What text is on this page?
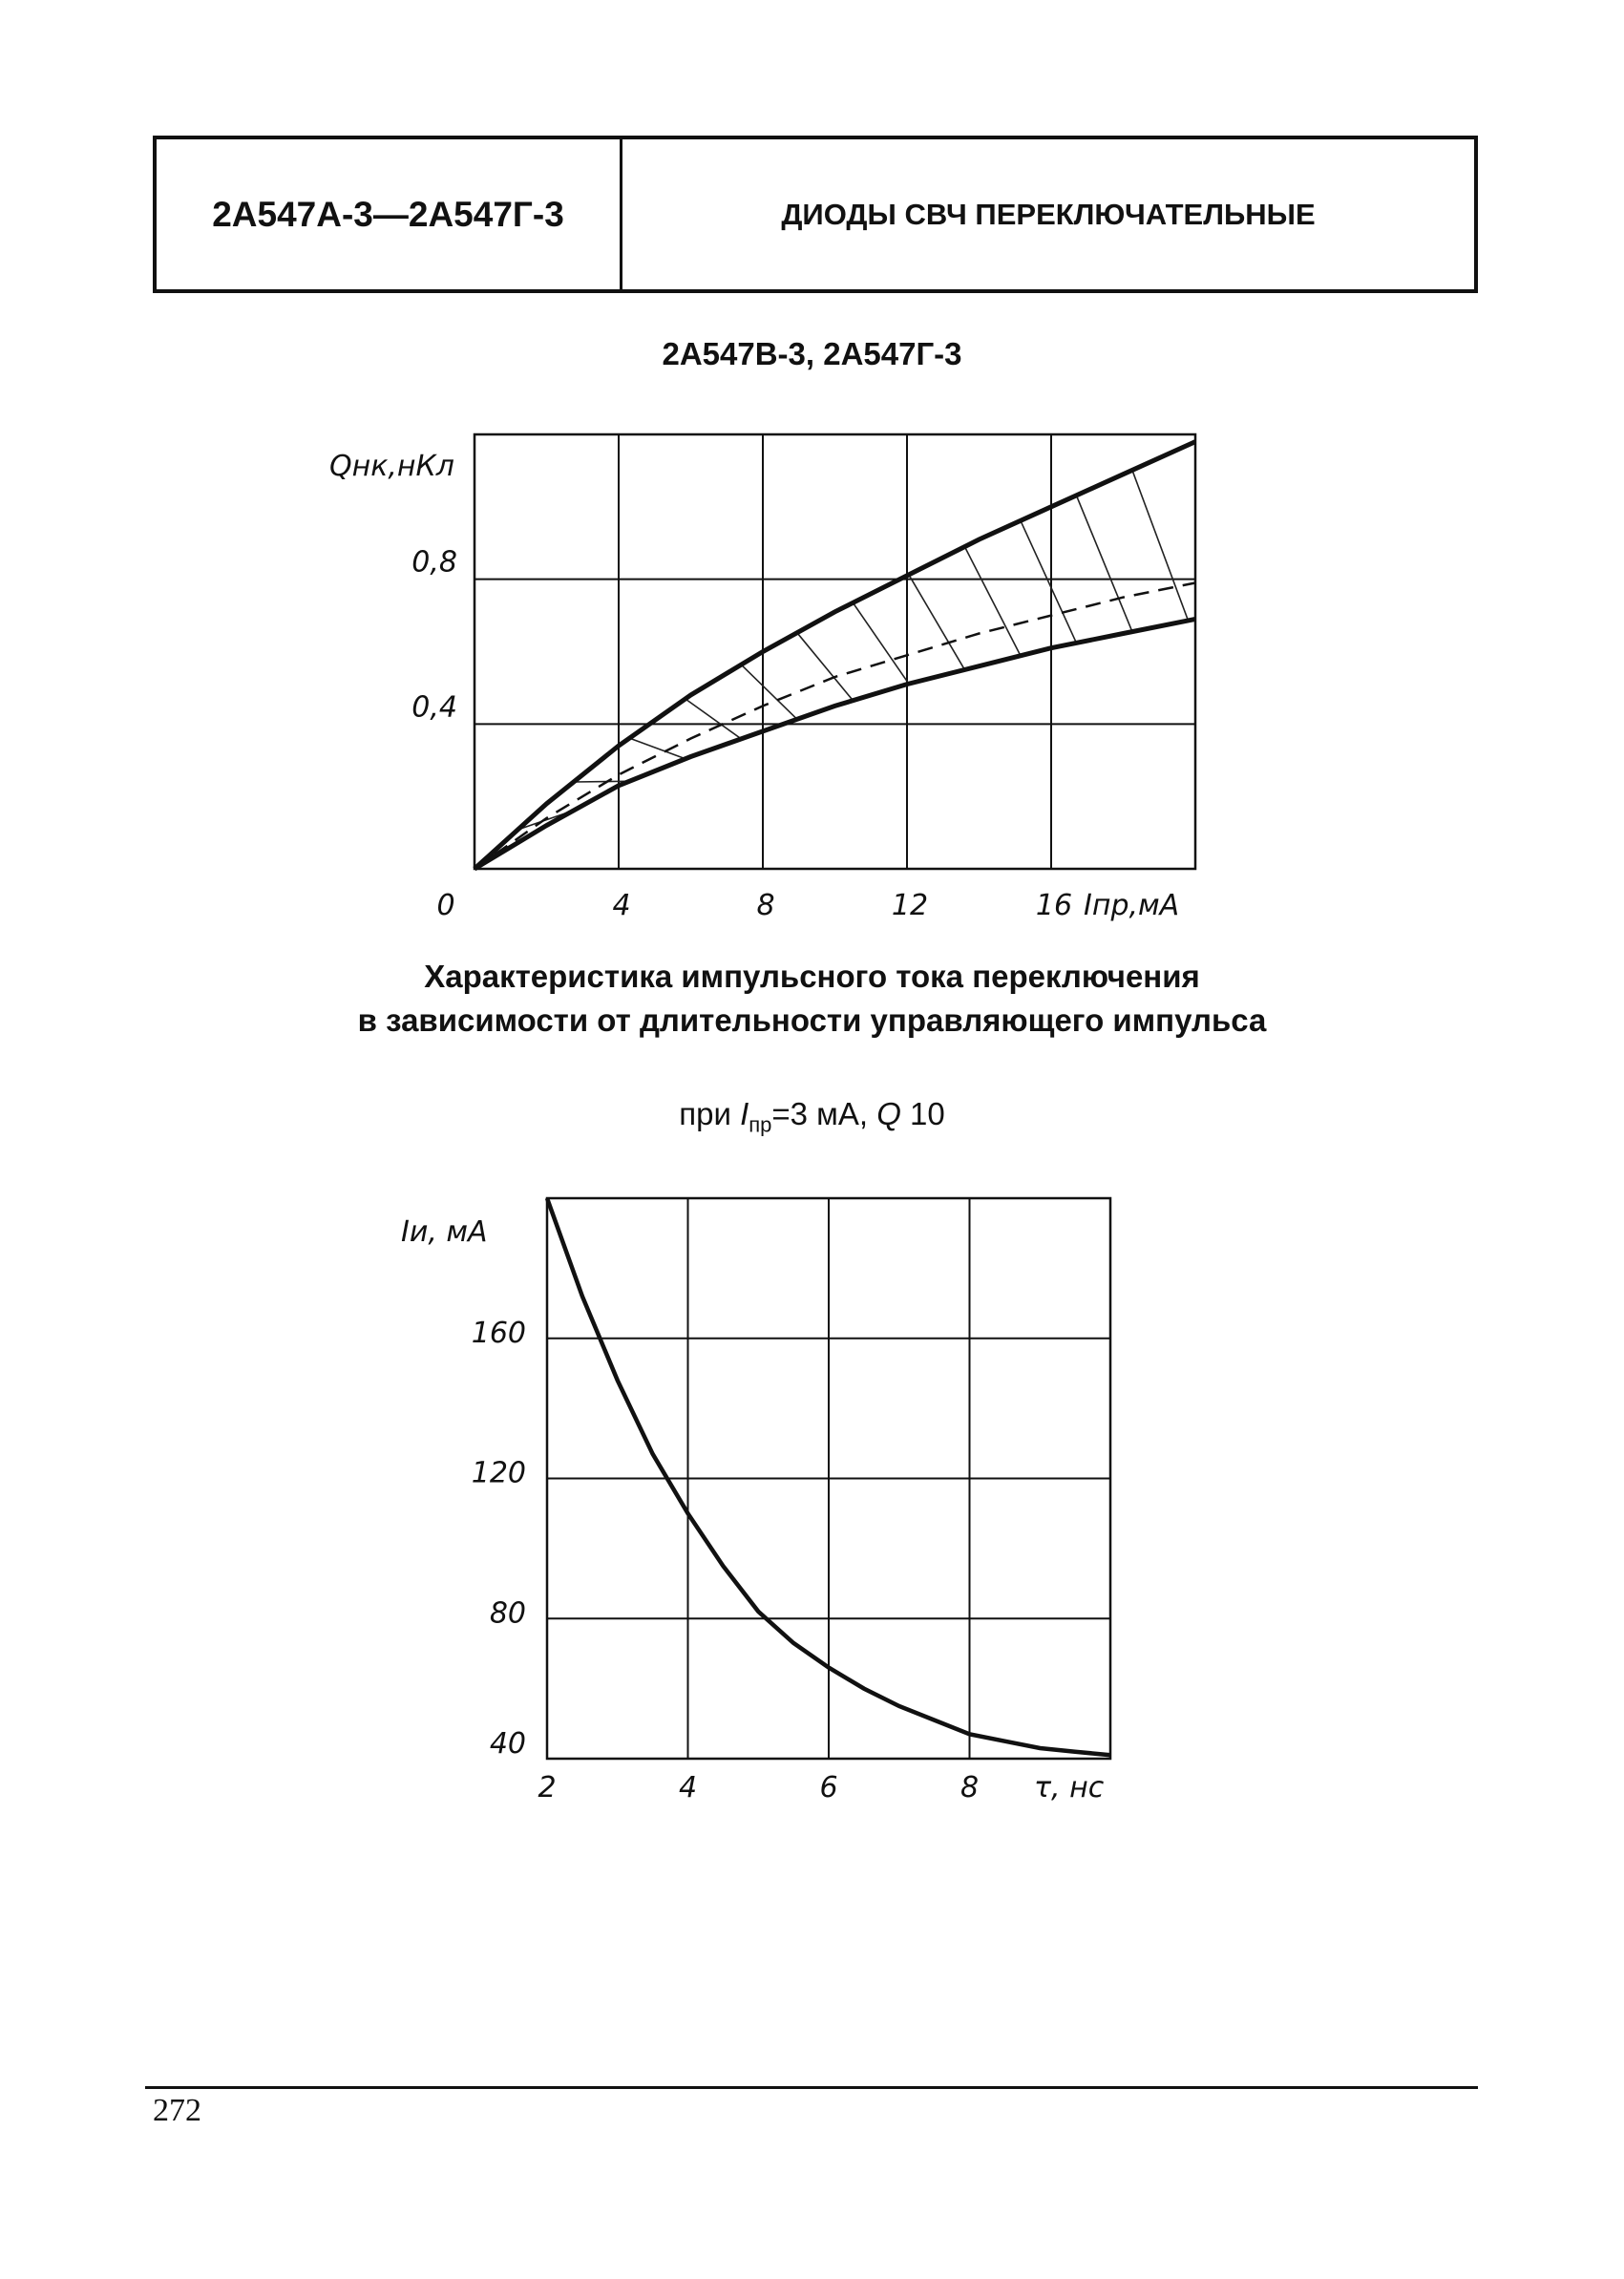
2А547А-3—2А547Г-3	ДИОДЫ СВЧ ПЕРЕКЛЮЧАТЕЛЬНЫЕ
2А547В-3, 2А547Г-3
0	4	8	12	16
0,4
0,8
Iпр,мА
Qнк,нКл
Характеристика импульсного тока переключения
в зависимости от длительности управляющего импульса
при $I_{пр}=3$ мА, Q 10
2	4	6	8
40
80
120
160
τ, нс
Iи, мА
272
